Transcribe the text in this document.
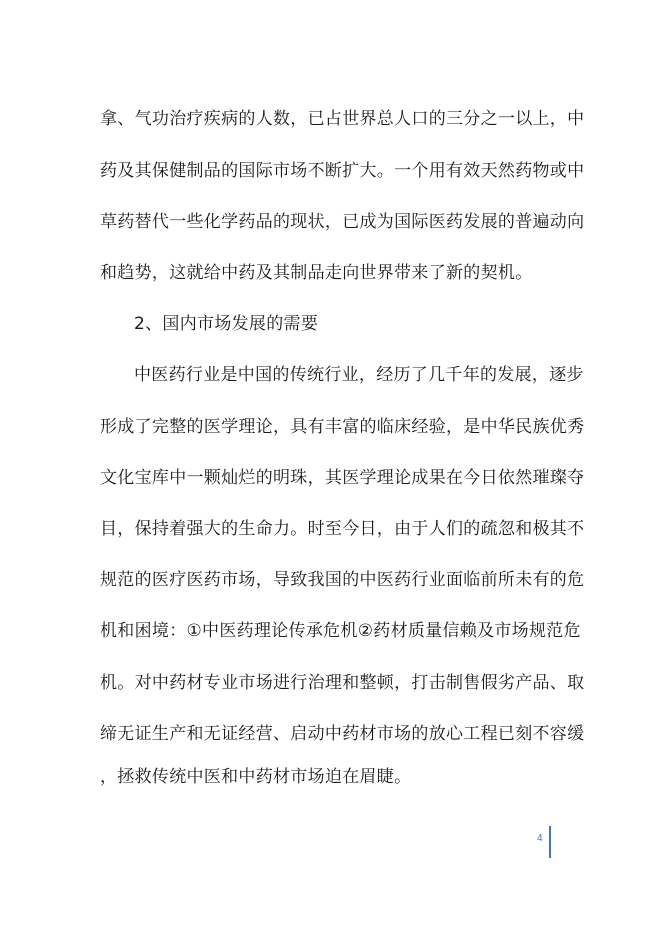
拿、气功治疗疾病的人数，已占世界总人口的三分之一以上，中
药及其保健制品的国际市场不断扩大。一个用有效天然药物或中
草药替代一些化学药品的现状，已成为国际医药发展的普遍动向
和趋势，这就给中药及其制品走向世界带来了新的契机。
2、国内市场发展的需要
中医药行业是中国的传统行业，经历了几千年的发展，逐步
形成了完整的医学理论，具有丰富的临床经验，是中华民族优秀
文化宝库中一颗灿烂的明珠，其医学理论成果在今日依然璀璨夺
目，保持着强大的生命力。时至今日，由于人们的疏忽和极其不
规范的医疗医药市场，导致我国的中医药行业面临前所未有的危
机和困境：①中医药理论传承危机②药材质量信赖及市场规范危
机。对中药材专业市场进行治理和整顿，打击制售假劣产品、取
缔无证生产和无证经营、启动中药材市场的放心工程已刻不容缓
，拯救传统中医和中药材市场迫在眉睫。
4
